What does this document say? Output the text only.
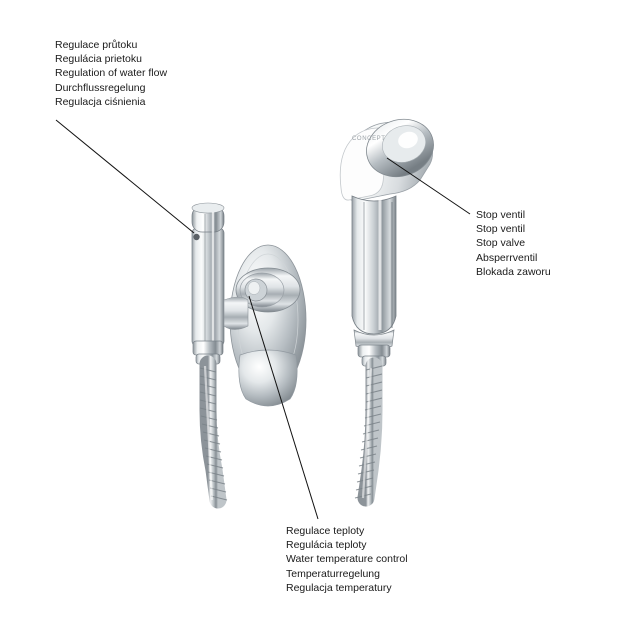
CONCEPT
Regulace průtoku
Regulácia prietoku
Regulation of water flow
Durchflussregelung
Regulacja ciśnienia
Stop ventil
Stop ventil
Stop valve
Absperrventil
Blokada zaworu
Regulace teploty
Regulácia teploty
Water temperature control
Temperaturregelung
Regulacja temperatury
